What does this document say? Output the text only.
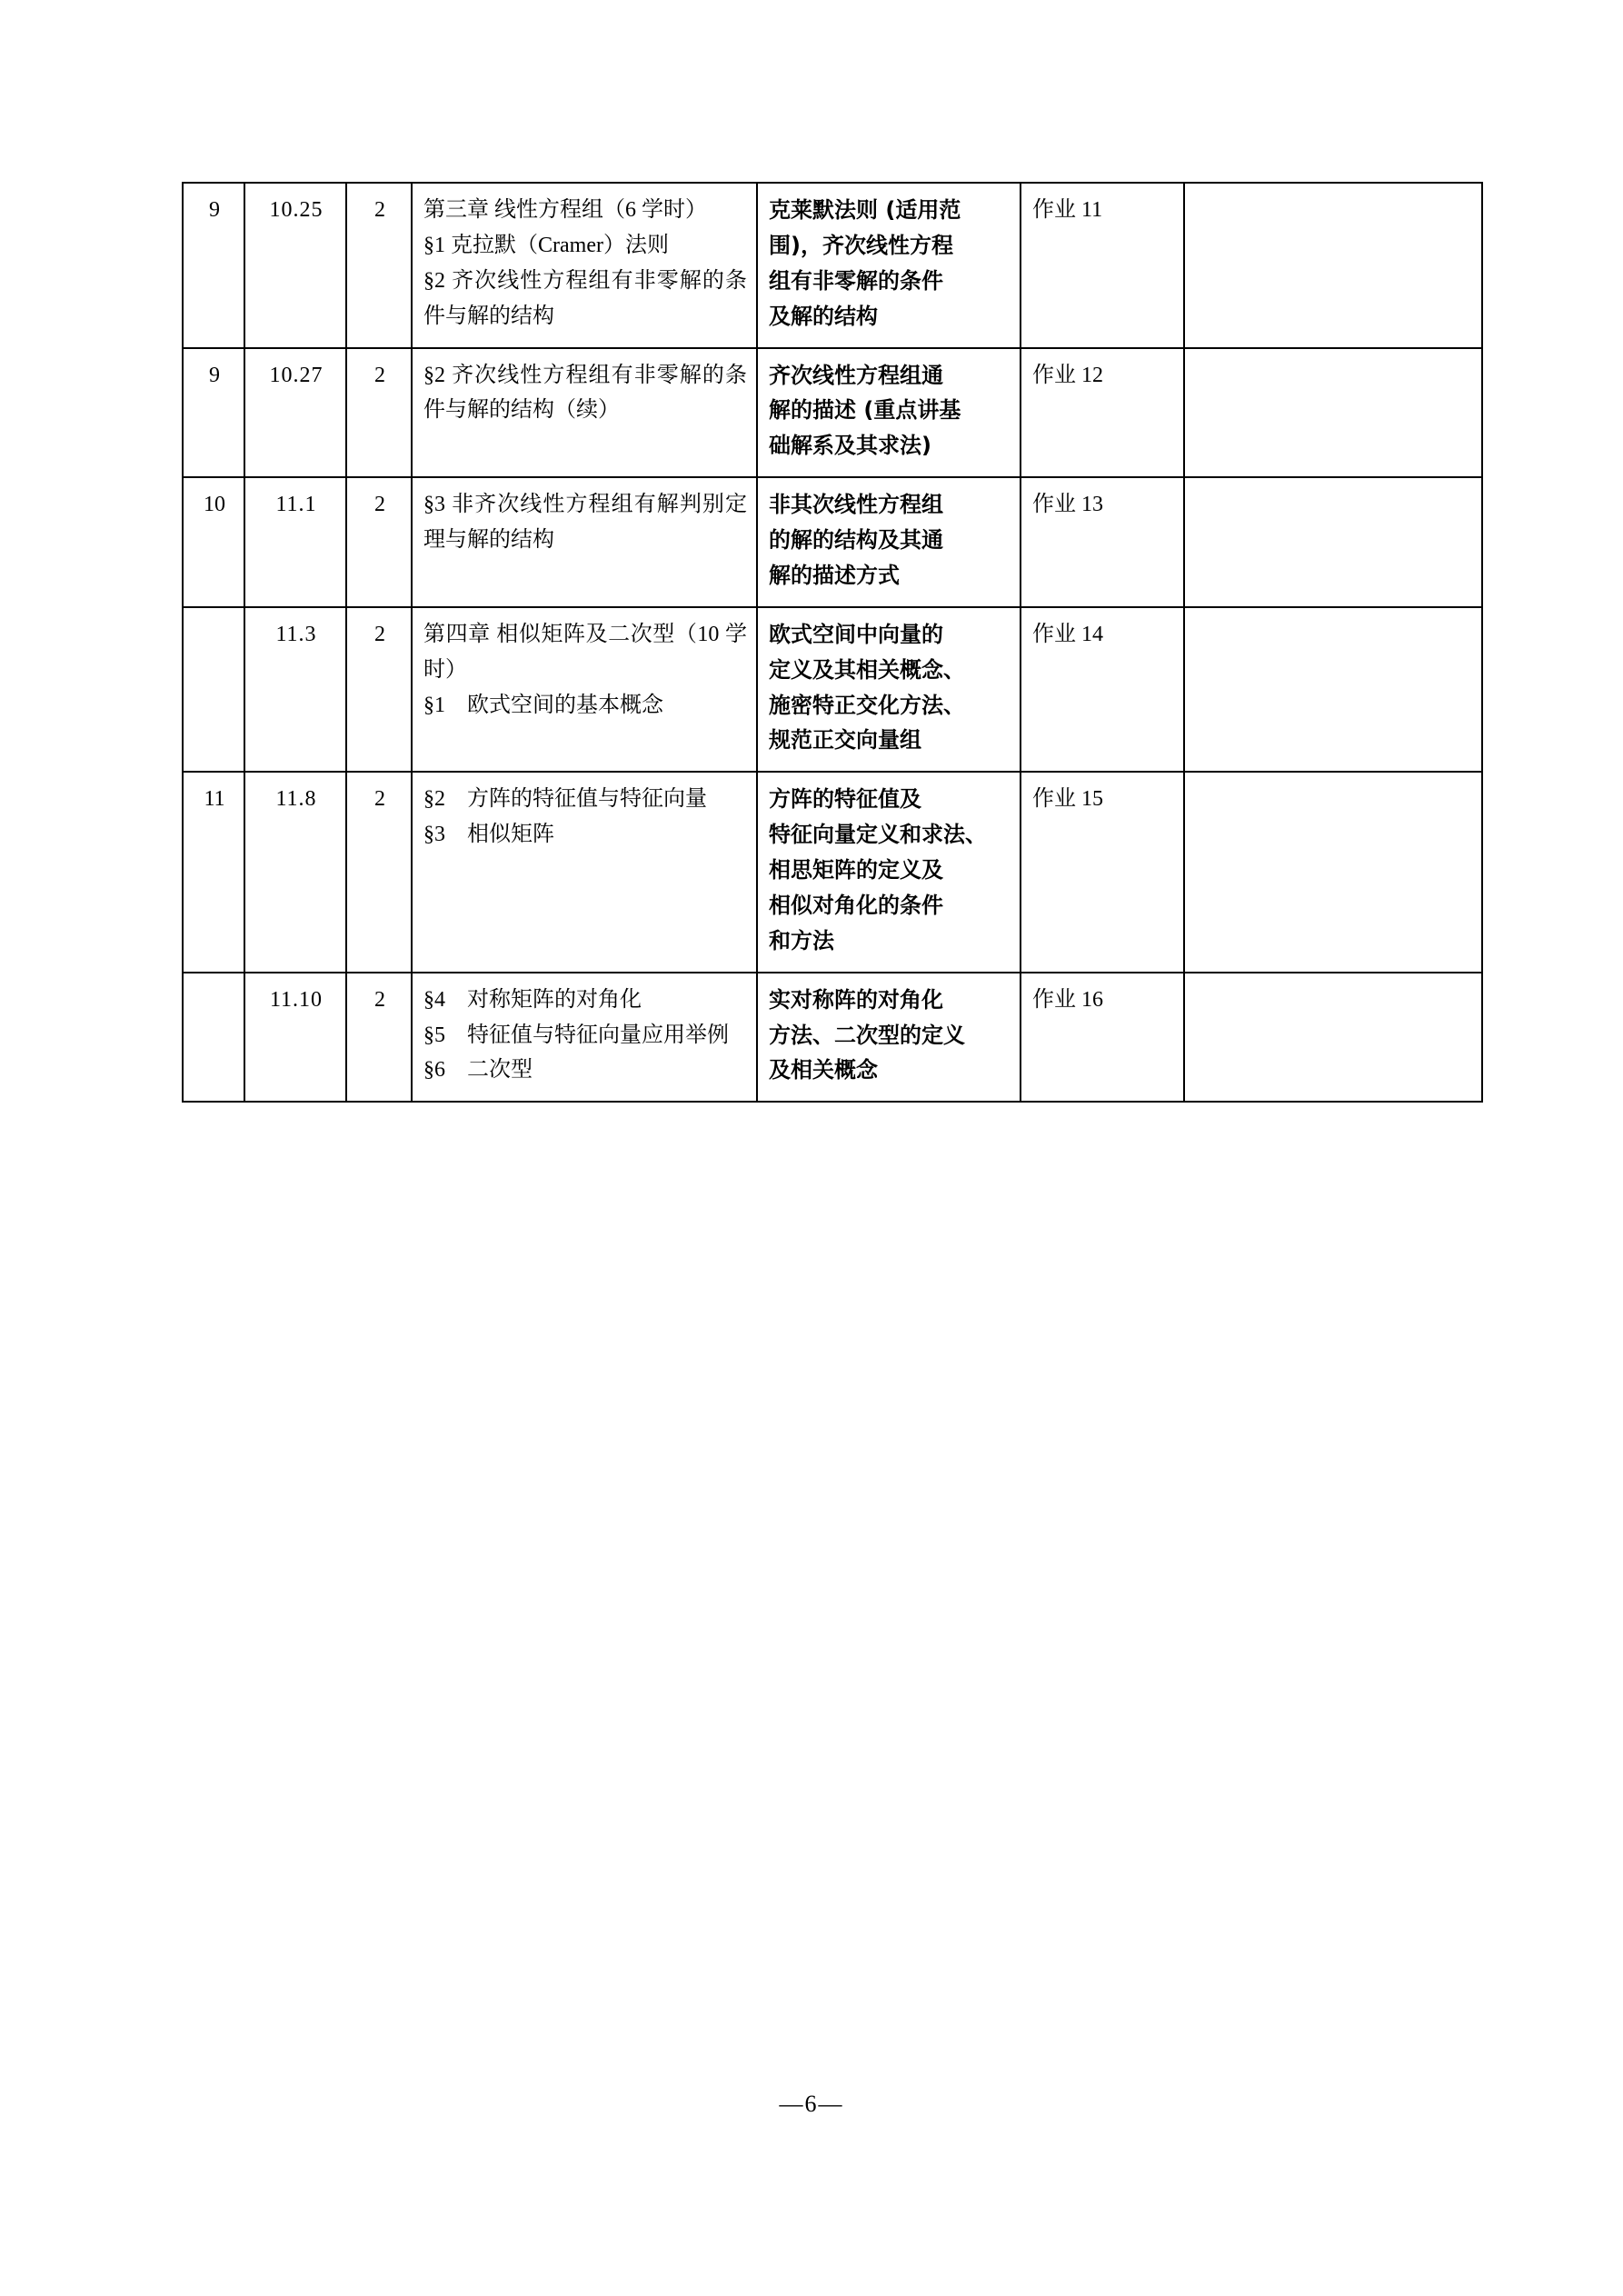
9	10.25	2	第三章 线性方程组（6 学时）
§1 克拉默（Cramer）法则
§2 齐次线性方程组有非零解的条件与解的结构	克莱默法则 (适用范围)，齐次线性方程
组有非零解的条件
及解的结构	作业 11	
9	10.27	2	§2 齐次线性方程组有非零解的条件与解的结构（续）	齐次线性方程组通
解的描述 (重点讲基
础解系及其求法)	作业 12	
10	11.1	2	§3 非齐次线性方程组有解判别定理与解的结构	非其次线性方程组
的解的结构及其通
解的描述方式	作业 13	
	11.3	2	第四章 相似矩阵及二次型（10 学时）
§1　欧式空间的基本概念	欧式空间中向量的
定义及其相关概念、
施密特正交化方法、
规范正交向量组	作业 14	
11	11.8	2	§2　方阵的特征值与特征向量
§3　相似矩阵	方阵的特征值及
特征向量定义和求法、
相思矩阵的定义及
相似对角化的条件
和方法	作业 15	
	11.10	2	§4　对称矩阵的对角化
§5　特征值与特征向量应用举例
§6　二次型	实对称阵的对角化
方法、二次型的定义
及相关概念	作业 16	
—6—
